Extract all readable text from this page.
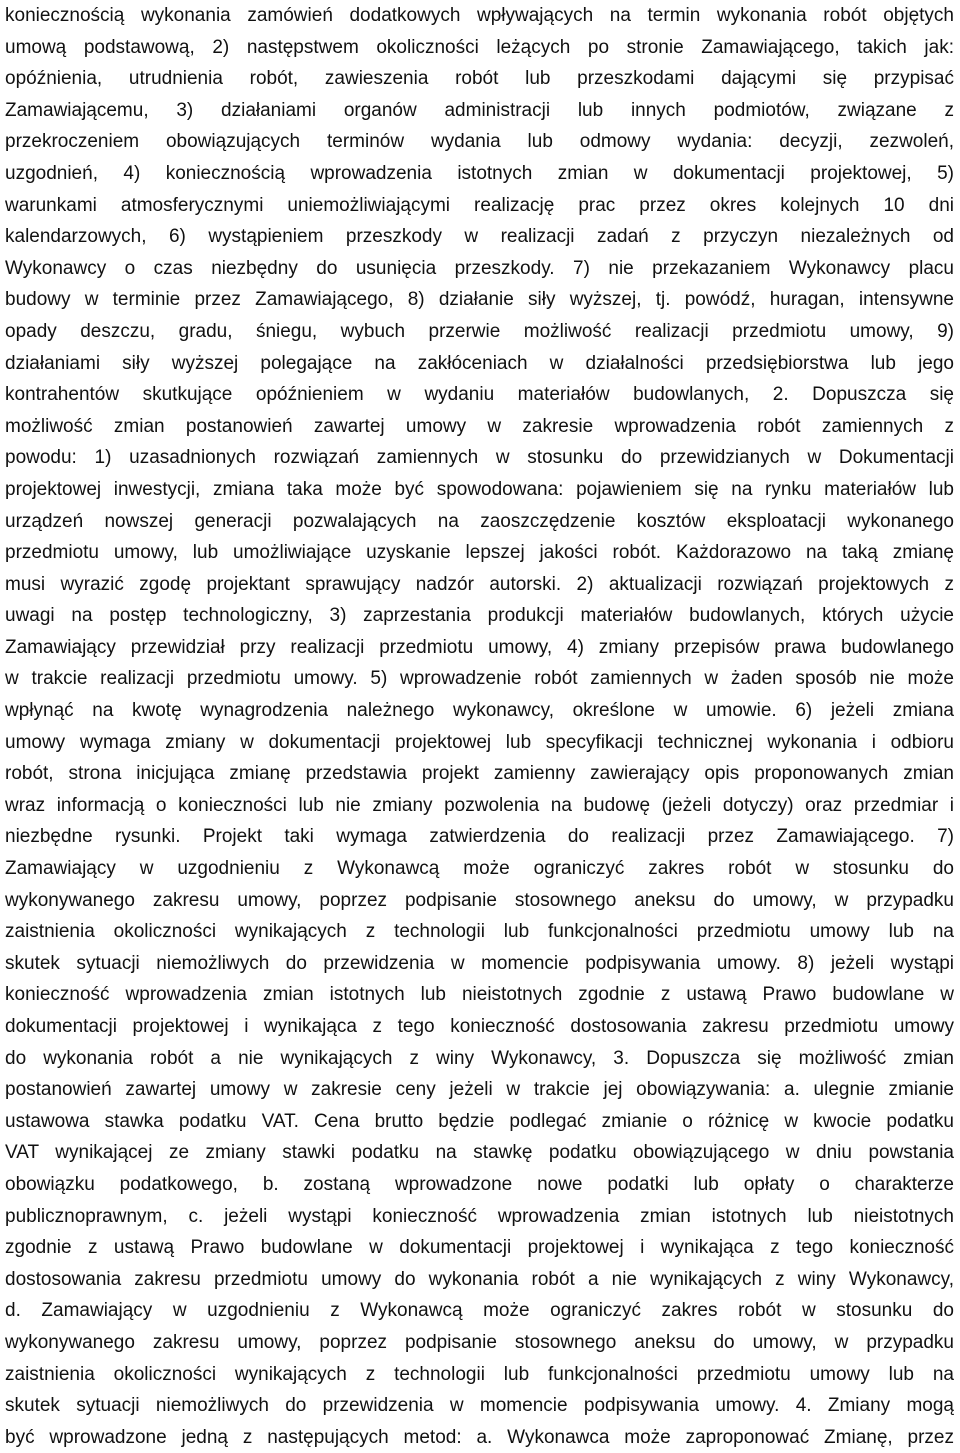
koniecznością wykonania zamówień dodatkowych wpływających na termin wykonania robót objętych
umową podstawową, 2) następstwem okoliczności leżących po stronie Zamawiającego, takich jak:
opóźnienia, utrudnienia robót, zawieszenia robót lub przeszkodami dającymi się przypisać
Zamawiającemu, 3) działaniami organów administracji lub innych podmiotów, związane z
przekroczeniem obowiązujących terminów wydania lub odmowy wydania: decyzji, zezwoleń,
uzgodnień, 4) koniecznością wprowadzenia istotnych zmian w dokumentacji projektowej, 5)
warunkami atmosferycznymi uniemożliwiającymi realizację prac przez okres kolejnych 10 dni
kalendarzowych, 6) wystąpieniem przeszkody w realizacji zadań z przyczyn niezależnych od
Wykonawcy o czas niezbędny do usunięcia przeszkody. 7) nie przekazaniem Wykonawcy placu
budowy w terminie przez Zamawiającego, 8) działanie siły wyższej, tj. powódź, huragan, intensywne
opady deszczu, gradu, śniegu, wybuch przerwie możliwość realizacji przedmiotu umowy, 9)
działaniami siły wyższej polegające na zakłóceniach w działalności przedsiębiorstwa lub jego
kontrahentów skutkujące opóźnieniem w wydaniu materiałów budowlanych, 2. Dopuszcza się
możliwość zmian postanowień zawartej umowy w zakresie wprowadzenia robót zamiennych z
powodu: 1) uzasadnionych rozwiązań zamiennych w stosunku do przewidzianych w Dokumentacji
projektowej inwestycji, zmiana taka może być spowodowana: pojawieniem się na rynku materiałów lub
urządzeń nowszej generacji pozwalających na zaoszczędzenie kosztów eksploatacji wykonanego
przedmiotu umowy, lub umożliwiające uzyskanie lepszej jakości robót. Każdorazowo na taką zmianę
musi wyrazić zgodę projektant sprawujący nadzór autorski. 2) aktualizacji rozwiązań projektowych z
uwagi na postęp technologiczny, 3) zaprzestania produkcji materiałów budowlanych, których użycie
Zamawiający przewidział przy realizacji przedmiotu umowy, 4) zmiany przepisów prawa budowlanego
w trakcie realizacji przedmiotu umowy. 5) wprowadzenie robót zamiennych w żaden sposób nie może
wpłynąć na kwotę wynagrodzenia należnego wykonawcy, określone w umowie. 6) jeżeli zmiana
umowy wymaga zmiany w dokumentacji projektowej lub specyfikacji technicznej wykonania i odbioru
robót, strona inicjująca zmianę przedstawia projekt zamienny zawierający opis proponowanych zmian
wraz informacją o konieczności lub nie zmiany pozwolenia na budowę (jeżeli dotyczy) oraz przedmiar i
niezbędne rysunki. Projekt taki wymaga zatwierdzenia do realizacji przez Zamawiającego. 7)
Zamawiający w uzgodnieniu z Wykonawcą może ograniczyć zakres robót w stosunku do
wykonywanego zakresu umowy, poprzez podpisanie stosownego aneksu do umowy, w przypadku
zaistnienia okoliczności wynikających z technologii lub funkcjonalności przedmiotu umowy lub na
skutek sytuacji niemożliwych do przewidzenia w momencie podpisywania umowy. 8) jeżeli wystąpi
konieczność wprowadzenia zmian istotnych lub nieistotnych zgodnie z ustawą Prawo budowlane w
dokumentacji projektowej i wynikająca z tego konieczność dostosowania zakresu przedmiotu umowy
do wykonania robót a nie wynikających z winy Wykonawcy, 3. Dopuszcza się możliwość zmian
postanowień zawartej umowy w zakresie ceny jeżeli w trakcie jej obowiązywania: a. ulegnie zmianie
ustawowa stawka podatku VAT. Cena brutto będzie podlegać zmianie o różnicę w kwocie podatku
VAT wynikającej ze zmiany stawki podatku na stawkę podatku obowiązującego w dniu powstania
obowiązku podatkowego, b. zostaną wprowadzone nowe podatki lub opłaty o charakterze
publicznoprawnym, c. jeżeli wystąpi konieczność wprowadzenia zmian istotnych lub nieistotnych
zgodnie z ustawą Prawo budowlane w dokumentacji projektowej i wynikająca z tego konieczność
dostosowania zakresu przedmiotu umowy do wykonania robót a nie wynikających z winy Wykonawcy,
d. Zamawiający w uzgodnieniu z Wykonawcą może ograniczyć zakres robót w stosunku do
wykonywanego zakresu umowy, poprzez podpisanie stosownego aneksu do umowy, w przypadku
zaistnienia okoliczności wynikających z technologii lub funkcjonalności przedmiotu umowy lub na
skutek sytuacji niemożliwych do przewidzenia w momencie podpisywania umowy. 4. Zmiany mogą
być wprowadzone jedną z następujących metod: a. Wykonawca może zaproponować Zmianę, przez
